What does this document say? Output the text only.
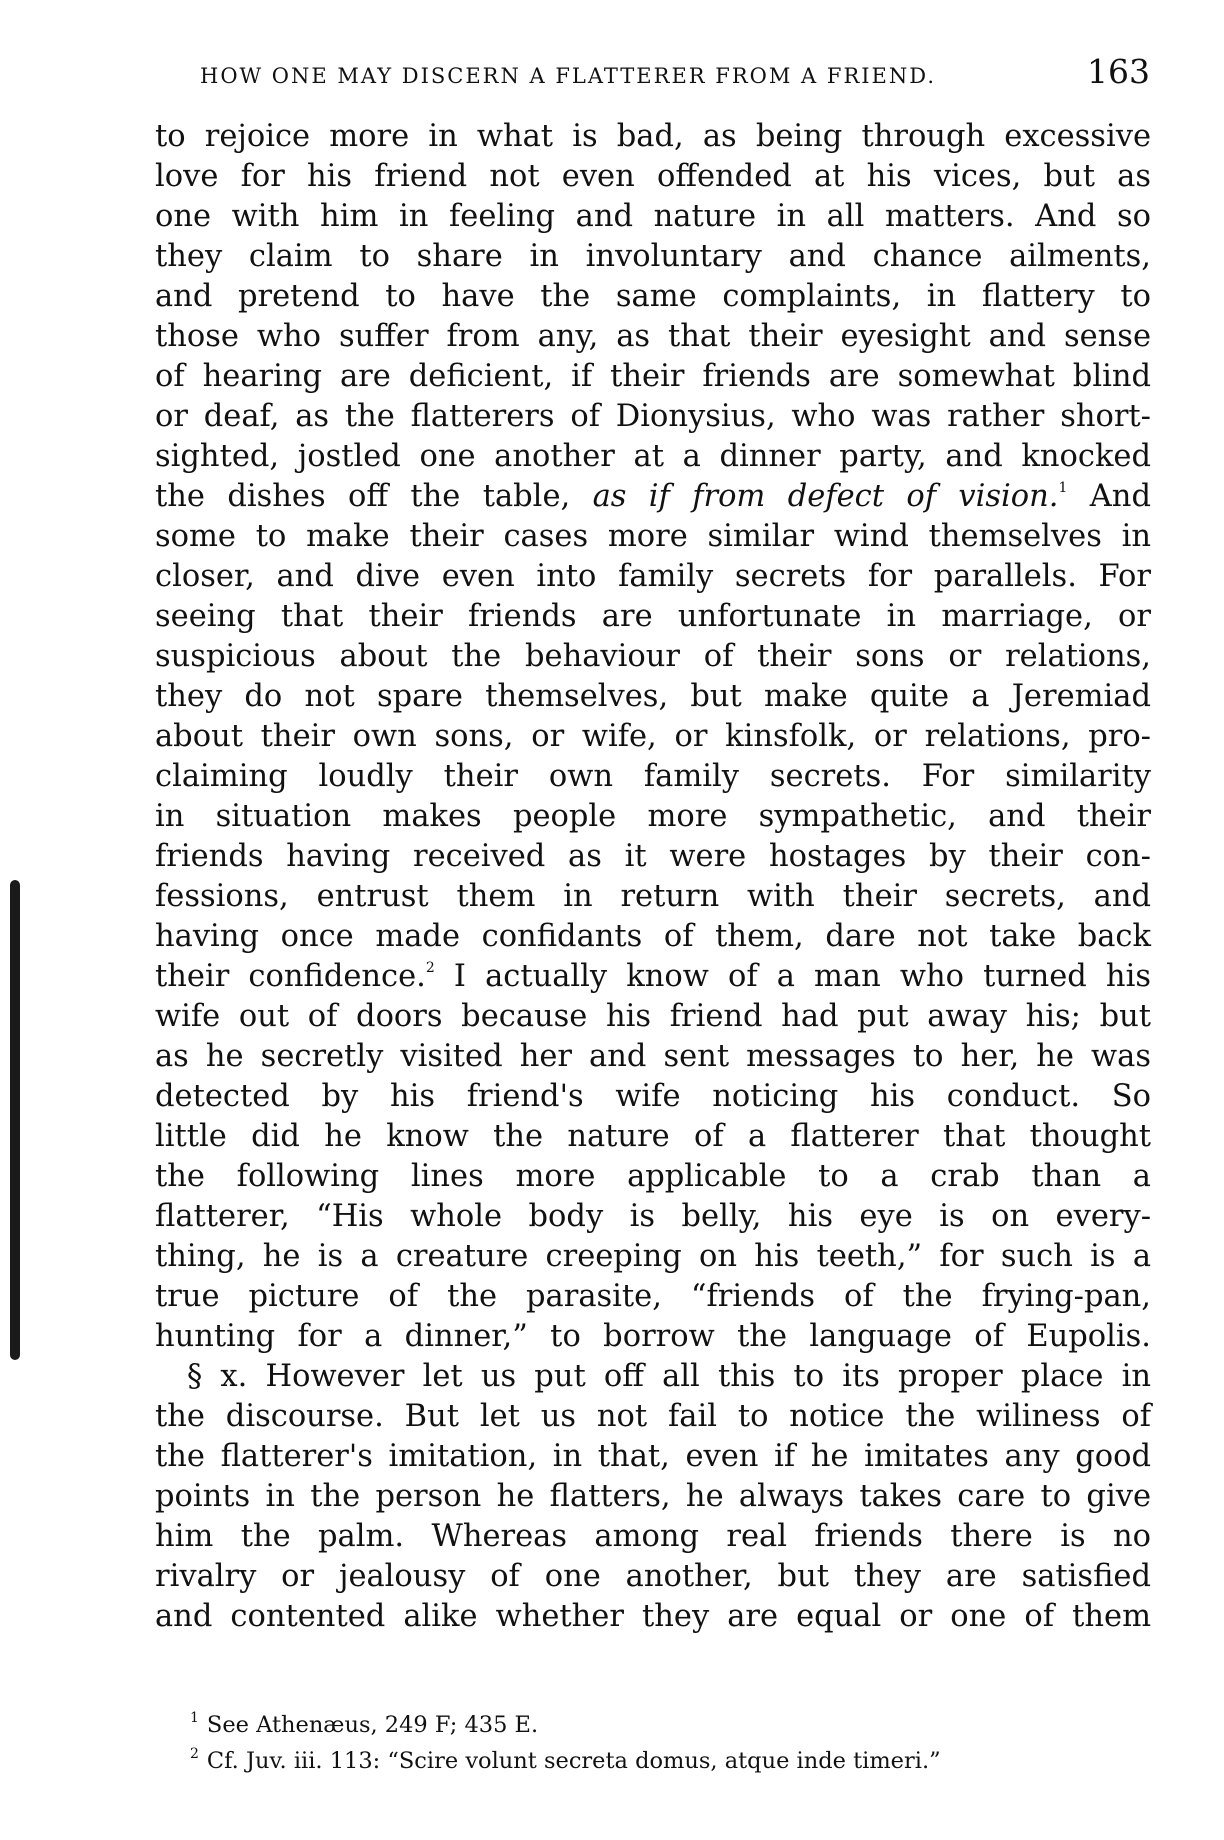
HOW ONE MAY DISCERN A FLATTERER FROM A FRIEND.	163
to rejoice more in what is bad, as being through excessive
love for his friend not even offended at his vices, but as
one with him in feeling and nature in all matters. And so
they claim to share in involuntary and chance ailments,
and pretend to have the same complaints, in flattery to
those who suffer from any, as that their eyesight and sense
of hearing are deficient, if their friends are somewhat blind
or deaf, as the flatterers of Dionysius, who was rather short-
sighted, jostled one another at a dinner party, and knocked
the dishes off the table, as if from defect of vision.$^1$ And
some to make their cases more similar wind themselves in
closer, and dive even into family secrets for parallels. For
seeing that their friends are unfortunate in marriage, or
suspicious about the behaviour of their sons or relations,
they do not spare themselves, but make quite a Jeremiad
about their own sons, or wife, or kinsfolk, or relations, pro-
claiming loudly their own family secrets. For similarity
in situation makes people more sympathetic, and their
friends having received as it were hostages by their con-
fessions, entrust them in return with their secrets, and
having once made confidants of them, dare not take back
their confidence.$^2$ I actually know of a man who turned his
wife out of doors because his friend had put away his; but
as he secretly visited her and sent messages to her, he was
detected by his friend's wife noticing his conduct. So
little did he know the nature of a flatterer that thought
the following lines more applicable to a crab than a
flatterer, “His whole body is belly, his eye is on every-
thing, he is a creature creeping on his teeth,” for such is a
true picture of the parasite, “friends of the frying-pan,
hunting for a dinner,” to borrow the language of Eupolis.
§ x. However let us put off all this to its proper place in
the discourse. But let us not fail to notice the wiliness of
the flatterer's imitation, in that, even if he imitates any good
points in the person he flatters, he always takes care to give
him the palm. Whereas among real friends there is no
rivalry or jealousy of one another, but they are satisfied
and contented alike whether they are equal or one of them
$^1$ See Athenæus, 249 F; 435 E.
$^2$ Cf. Juv. iii. 113: “Scire volunt secreta domus, atque inde timeri.”
